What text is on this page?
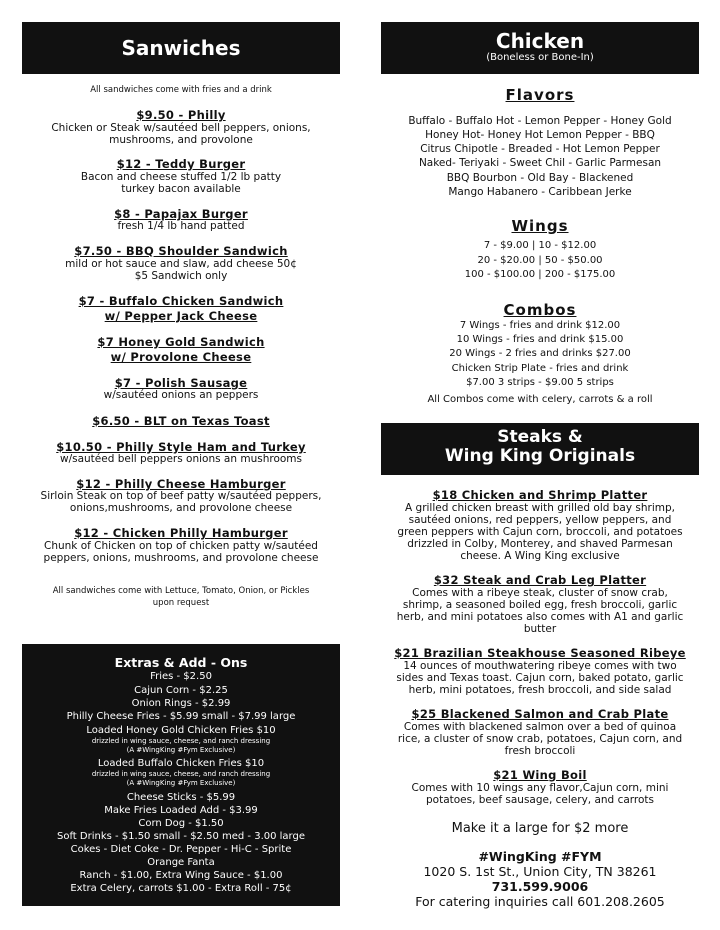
Sanwiches
All sandwiches come with fries and a drink
$9.50 - Philly
Chicken or Steak w/sautéed bell peppers, onions,
mushrooms, and provolone
$12 - Teddy Burger
Bacon and cheese stuffed 1/2 lb patty
turkey bacon available
$8 - Papajax Burger
fresh 1/4 lb hand patted
$7.50 - BBQ Shoulder Sandwich
mild or hot sauce and slaw, add cheese 50¢
$5 Sandwich only
$7 - Buffalo Chicken Sandwich
w/ Pepper Jack Cheese
$7 Honey Gold Sandwich
w/ Provolone Cheese
$7 - Polish Sausage
w/sautéed onions an peppers
$6.50 - BLT on Texas Toast
$10.50 - Philly Style Ham and Turkey
w/sautéed bell peppers onions an mushrooms
$12 - Philly Cheese Hamburger
Sirloin Steak on top of beef patty w/sautéed peppers,
onions,mushrooms, and provolone cheese
$12 - Chicken Philly Hamburger
Chunk of Chicken on top of chicken patty w/sautéed
peppers, onions, mushrooms, and provolone cheese
All sandwiches come with Lettuce, Tomato, Onion, or Pickles
upon request
Extras & Add - Ons
Fries - $2.50
Cajun Corn - $2.25
Onion Rings - $2.99
Philly Cheese Fries - $5.99 small - $7.99 large
Loaded Honey Gold Chicken Fries $10
drizzled in wing sauce, cheese, and ranch dressing
(A #WingKing #Fym Exclusive)
Loaded Buffalo Chicken Fries $10
drizzled in wing sauce, cheese, and ranch dressing
(A #WingKing #Fym Exclusive)
Cheese Sticks - $5.99
Make Fries Loaded Add - $3.99
Corn Dog - $1.50
Soft Drinks - $1.50 small - $2.50 med - 3.00 large
Cokes - Diet Coke - Dr. Pepper - Hi-C - Sprite
Orange Fanta
Ranch - $1.00, Extra Wing Sauce - $1.00
Extra Celery, carrots $1.00 - Extra Roll - 75¢
Chicken
(Boneless or Bone-In)
Flavors
Buffalo - Buffalo Hot - Lemon Pepper - Honey Gold
Honey Hot- Honey Hot Lemon Pepper - BBQ
Citrus Chipotle - Breaded - Hot Lemon Pepper
Naked- Teriyaki - Sweet Chil - Garlic Parmesan
BBQ Bourbon - Old Bay - Blackened
Mango Habanero - Caribbean Jerke
Wings
7 - $9.00 | 10 - $12.00
20 - $20.00 | 50 - $50.00
100 - $100.00 | 200 - $175.00
Combos
7 Wings - fries and drink $12.00
10 Wings - fries and drink $15.00
20 Wings - 2 fries and drinks $27.00
Chicken Strip Plate - fries and drink
$7.00 3 strips - $9.00 5 strips
All Combos come with celery, carrots & a roll
Steaks &
Wing King Originals
$18 Chicken and Shrimp Platter
A grilled chicken breast with grilled old bay shrimp,
sautéed onions, red peppers, yellow peppers, and
green peppers with Cajun corn, broccoli, and potatoes
drizzled in Colby, Monterey, and shaved Parmesan
cheese. A Wing King exclusive
$32 Steak and Crab Leg Platter
Comes with a ribeye steak, cluster of snow crab,
shrimp, a seasoned boiled egg, fresh broccoli, garlic
herb, and mini potatoes also comes with A1 and garlic
butter
$21 Brazilian Steakhouse Seasoned Ribeye
14 ounces of mouthwatering ribeye comes with two
sides and Texas toast. Cajun corn, baked potato, garlic
herb, mini potatoes, fresh broccoli, and side salad
$25 Blackened Salmon and Crab Plate
Comes with blackened salmon over a bed of quinoa
rice, a cluster of snow crab, potatoes, Cajun corn, and
fresh broccoli
$21 Wing Boil
Comes with 10 wings any flavor,Cajun corn, mini
potatoes, beef sausage, celery, and carrots
Make it a large for $2 more
#WingKing #FYM
1020 S. 1st St., Union City, TN 38261
731.599.9006
For catering inquiries call 601.208.2605
